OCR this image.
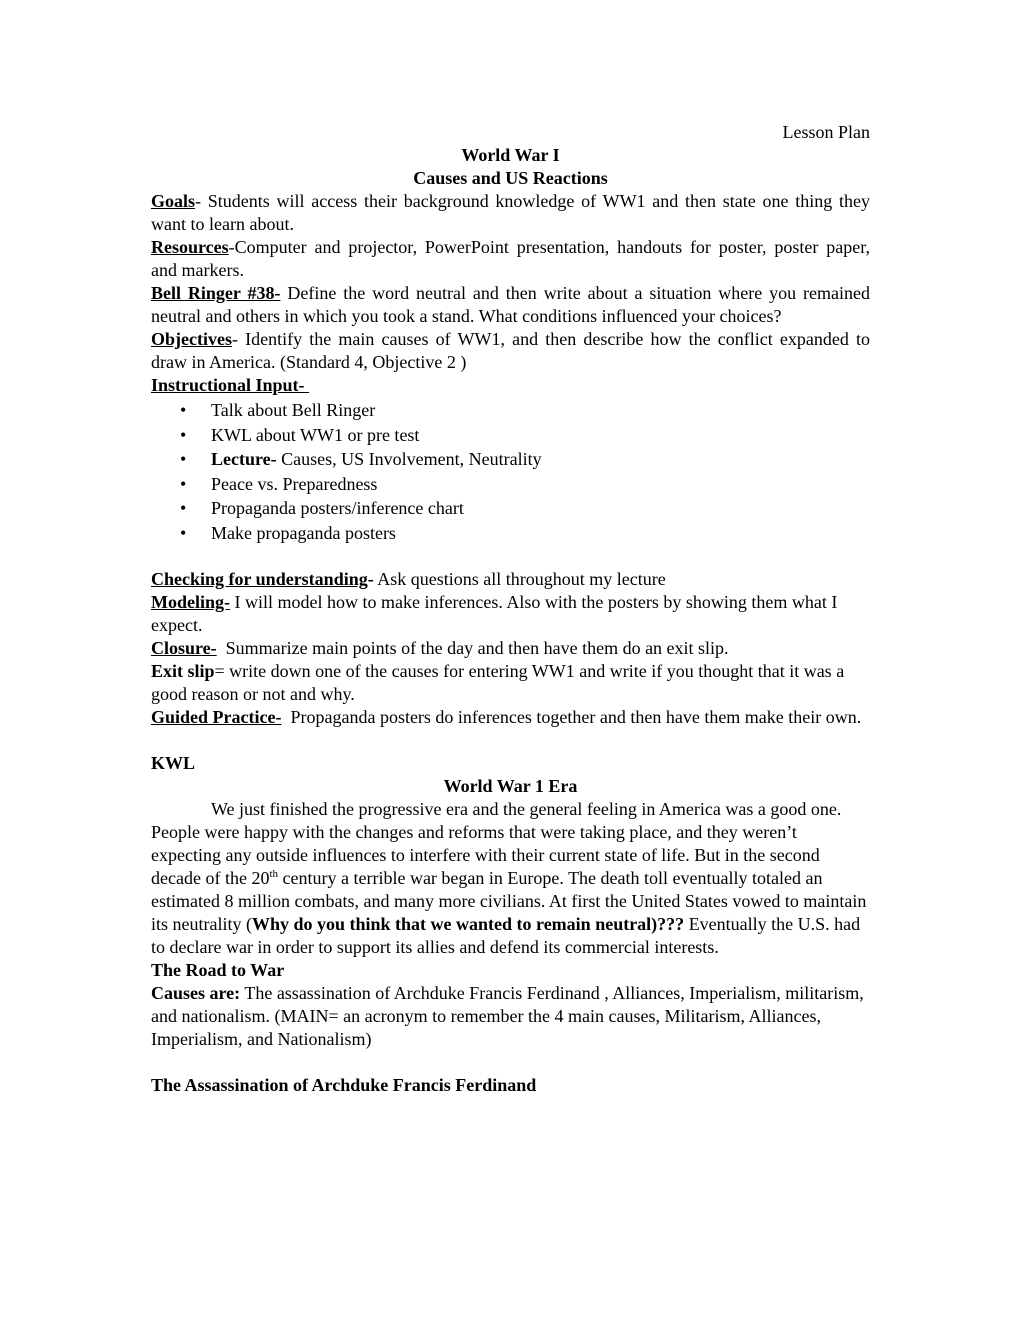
Lesson Plan

World War I

Causes and US Reactions

Goals- Students will access their background knowledge of WW1 and then state one thing they want to learn about.

Resources-Computer and projector, PowerPoint presentation, handouts for poster, poster paper, and markers.

Bell Ringer #38- Define the word neutral and then write about a situation where you remained neutral and others in which you took a stand. What conditions influenced your choices?

Objectives- Identify the main causes of WW1, and then describe how the conflict expanded to draw in America. (Standard 4, Objective 2 )

Instructional Input-

• Talk about Bell Ringer
• KWL about WW1 or pre test
• Lecture- Causes, US Involvement, Neutrality
• Peace vs. Preparedness
• Propaganda posters/inference chart
• Make propaganda posters

Checking for understanding- Ask questions all throughout my lecture

Modeling- I will model how to make inferences. Also with the posters by showing them what I expect.

Closure-  Summarize main points of the day and then have them do an exit slip.

Exit slip= write down one of the causes for entering WW1 and write if you thought that it was a good reason or not and why.

Guided Practice-  Propaganda posters do inferences together and then have them make their own.

KWL

World War 1 Era

We just finished the progressive era and the general feeling in America was a good one. People were happy with the changes and reforms that were taking place, and they weren’t expecting any outside influences to interfere with their current state of life. But in the second decade of the 20th century a terrible war began in Europe. The death toll eventually totaled an estimated 8 million combats, and many more civilians. At first the United States vowed to maintain its neutrality (Why do you think that we wanted to remain neutral)??? Eventually the U.S. had to declare war in order to support its allies and defend its commercial interests.

The Road to War

Causes are: The assassination of Archduke Francis Ferdinand , Alliances, Imperialism, militarism, and nationalism. (MAIN= an acronym to remember the 4 main causes, Militarism, Alliances, Imperialism, and Nationalism)

The Assassination of Archduke Francis Ferdinand
